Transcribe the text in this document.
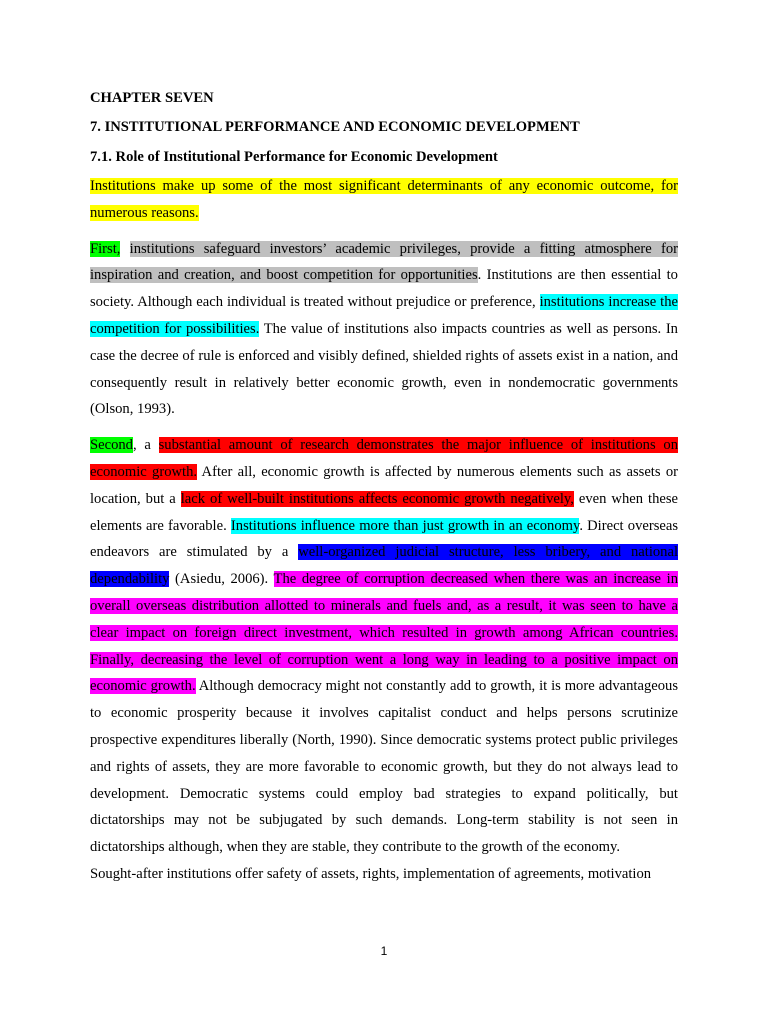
CHAPTER SEVEN

7. INSTITUTIONAL PERFORMANCE AND ECONOMIC DEVELOPMENT

7.1. Role of Institutional Performance for Economic Development

Institutions make up some of the most significant determinants of any economic outcome, for numerous reasons.

First, institutions safeguard investors’ academic privileges, provide a fitting atmosphere for inspiration and creation, and boost competition for opportunities. Institutions are then essential to society. Although each individual is treated without prejudice or preference, institutions increase the competition for possibilities. The value of institutions also impacts countries as well as persons. In case the decree of rule is enforced and visibly defined, shielded rights of assets exist in a nation, and consequently result in relatively better economic growth, even in nondemocratic governments (Olson, 1993).

Second, a substantial amount of research demonstrates the major influence of institutions on economic growth. After all, economic growth is affected by numerous elements such as assets or location, but a lack of well-built institutions affects economic growth negatively, even when these elements are favorable. Institutions influence more than just growth in an economy. Direct overseas endeavors are stimulated by a well-organized judicial structure, less bribery, and national dependability (Asiedu, 2006). The degree of corruption decreased when there was an increase in overall overseas distribution allotted to minerals and fuels and, as a result, it was seen to have a clear impact on foreign direct investment, which resulted in growth among African countries. Finally, decreasing the level of corruption went a long way in leading to a positive impact on economic growth. Although democracy might not constantly add to growth, it is more advantageous to economic prosperity because it involves capitalist conduct and helps persons scrutinize prospective expenditures liberally (North, 1990). Since democratic systems protect public privileges and rights of assets, they are more favorable to economic growth, but they do not always lead to development. Democratic systems could employ bad strategies to expand politically, but dictatorships may not be subjugated by such demands. Long-term stability is not seen in dictatorships although, when they are stable, they contribute to the growth of the economy.

Sought-after institutions offer safety of assets, rights, implementation of agreements, motivation

1
